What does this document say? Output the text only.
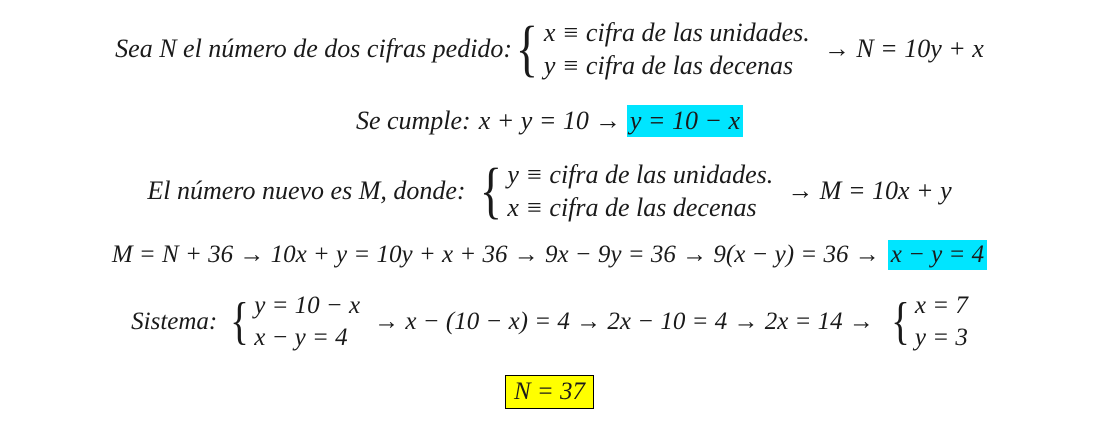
Sea N el número de dos cifras pedido: { x ≡ cifra de las unidades.
y ≡ cifra de las decenas
→ N = 10y + x
Se cumple: x + y = 10 → y = 10 − x
El número nuevo es M, donde: { y ≡ cifra de las unidades.
x ≡ cifra de las decenas
→ M = 10x + y
M = N + 36 → 10x + y = 10y + x + 36 → 9x − 9y = 36 → 9(x − y) = 36 → x − y = 4
Sistema: { y = 10 − x
x − y = 4
→ x − (10 − x) = 4 → 2x − 10 = 4 → 2x = 14 → { x = 7
y = 3
N = 37
